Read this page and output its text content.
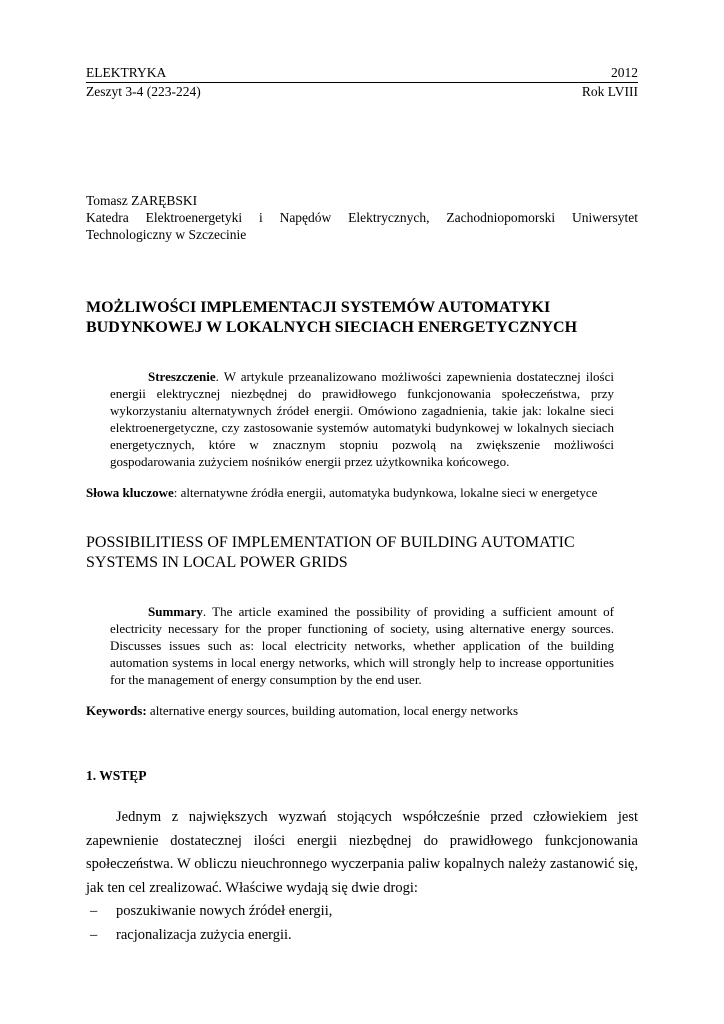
ELEKTRYKA	2012
Zeszyt 3-4 (223-224)	Rok LVIII
Tomasz ZARĘBSKI
Katedra Elektroenergetyki i Napędów Elektrycznych, Zachodniopomorski Uniwersytet Technologiczny w Szczecinie
MOŻLIWOŚCI IMPLEMENTACJI SYSTEMÓW AUTOMATYKI BUDYNKOWEJ W LOKALNYCH SIECIACH ENERGETYCZNYCH
Streszczenie. W artykule przeanalizowano możliwości zapewnienia dostatecznej ilości energii elektrycznej niezbędnej do prawidłowego funkcjonowania społeczeństwa, przy wykorzystaniu alternatywnych źródeł energii. Omówiono zagadnienia, takie jak: lokalne sieci elektroenergetyczne, czy zastosowanie systemów automatyki budynkowej w lokalnych sieciach energetycznych, które w znacznym stopniu pozwolą na zwiększenie możliwości gospodarowania zużyciem nośników energii przez użytkownika końcowego.
Słowa kluczowe: alternatywne źródła energii, automatyka budynkowa, lokalne sieci w energetyce
POSSIBILITIESS OF IMPLEMENTATION OF BUILDING AUTOMATIC SYSTEMS IN LOCAL POWER GRIDS
Summary. The article examined the possibility of providing a sufficient amount of electricity necessary for the proper functioning of society, using alternative energy sources. Discusses issues such as: local electricity networks, whether application of the building automation systems in local energy networks, which will strongly help to increase opportunities for the management of energy consumption by the end user.
Keywords: alternative energy sources, building automation, local energy networks
1. WSTĘP
Jednym z największych wyzwań stojących współcześnie przed człowiekiem jest zapewnienie dostatecznej ilości energii niezbędnej do prawidłowego funkcjonowania społeczeństwa. W obliczu nieuchronnego wyczerpania paliw kopalnych należy zastanowić się, jak ten cel zrealizować. Właściwe wydają się dwie drogi:
– poszukiwanie nowych źródeł energii,
– racjonalizacja zużycia energii.
